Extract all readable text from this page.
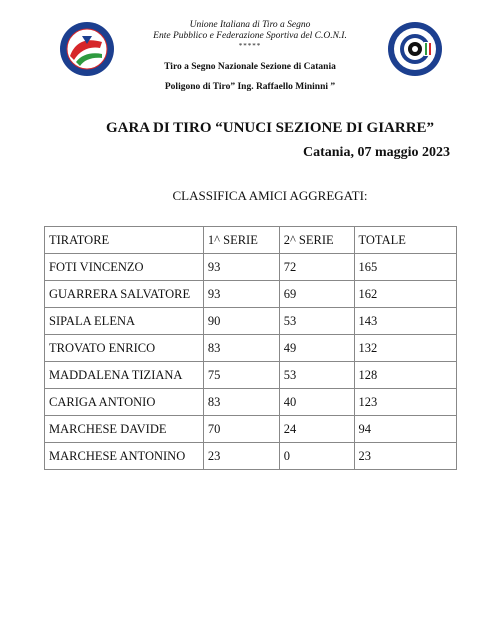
Unione Italiana di Tiro a Segno
Ente Pubblico e Federazione Sportiva del C.O.N.I.
*****
Tiro a Segno Nazionale Sezione di Catania
Poligono di Tiro” Ing. Raffaello Mininni ”
GARA DI TIRO “UNUCI SEZIONE DI GIARRE”
Catania, 07 maggio 2023
CLASSIFICA AMICI AGGREGATI:
TIRATORE	1^ SERIE	2^ SERIE	TOTALE
FOTI VINCENZO	93	72	165
GUARRERA SALVATORE	93	69	162
SIPALA ELENA	90	53	143
TROVATO ENRICO	83	49	132
MADDALENA TIZIANA	75	53	128
CARIGA ANTONIO	83	40	123
MARCHESE DAVIDE	70	24	94
MARCHESE ANTONINO	23	0	23
